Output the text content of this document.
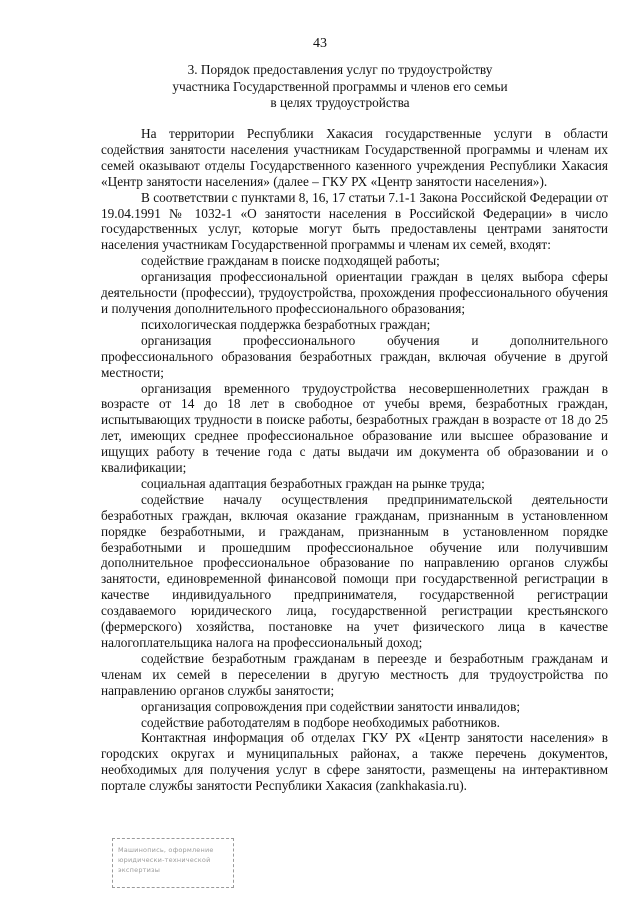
43
3. Порядок предоставления услуг по трудоустройству
участника Государственной программы и членов его семьи
в целях трудоустройства

На территории Республики Хакасия государственные услуги в области содействия занятости населения участникам Государственной программы и членам их семей оказывают отделы Государственного казенного учреждения Республики Хакасия «Центр занятости населения» (далее – ГКУ РХ «Центр занятости населения»).

В соответствии с пунктами 8, 16, 17 статьи 7.1-1 Закона Российской Федерации от 19.04.1991 № 1032-1 «О занятости населения в Российской Федерации» в число государственных услуг, которые могут быть предоставлены центрами занятости населения участникам Государственной программы и членам их семей, входят:

содействие гражданам в поиске подходящей работы;

организация профессиональной ориентации граждан в целях выбора сферы деятельности (профессии), трудоустройства, прохождения профессионального обучения и получения дополнительного профессионального образования;

психологическая поддержка безработных граждан;

организация профессионального обучения и дополнительного профессионального образования безработных граждан, включая обучение в другой местности;

организация временного трудоустройства несовершеннолетних граждан в возрасте от 14 до 18 лет в свободное от учебы время, безработных граждан, испытывающих трудности в поиске работы, безработных граждан в возрасте от 18 до 25 лет, имеющих среднее профессиональное образование или высшее образование и ищущих работу в течение года с даты выдачи им документа об образовании и о квалификации;

социальная адаптация безработных граждан на рынке труда;

содействие началу осуществления предпринимательской деятельности безработных граждан, включая оказание гражданам, признанным в установленном порядке безработными, и гражданам, признанным в установленном порядке безработными и прошедшим профессиональное обучение или получившим дополнительное профессиональное образование по направлению органов службы занятости, единовременной финансовой помощи при государственной регистрации в качестве индивидуального предпринимателя, государственной регистрации создаваемого юридического лица, государственной регистрации крестьянского (фермерского) хозяйства, постановке на учет физического лица в качестве налогоплательщика налога на профессиональный доход;

содействие безработным гражданам в переезде и безработным гражданам и членам их семей в переселении в другую местность для трудоустройства по направлению органов службы занятости;

организация сопровождения при содействии занятости инвалидов;

содействие работодателям в подборе необходимых работников.

Контактная информация об отделах ГКУ РХ «Центр занятости населения» в городских округах и муниципальных районах, а также перечень документов, необходимых для получения услуг в сфере занятости, размещены на интерактивном портале службы занятости Республики Хакасия (zankhakasia.ru).

Машинопись, оформление
юридически-технической
экспертизы
